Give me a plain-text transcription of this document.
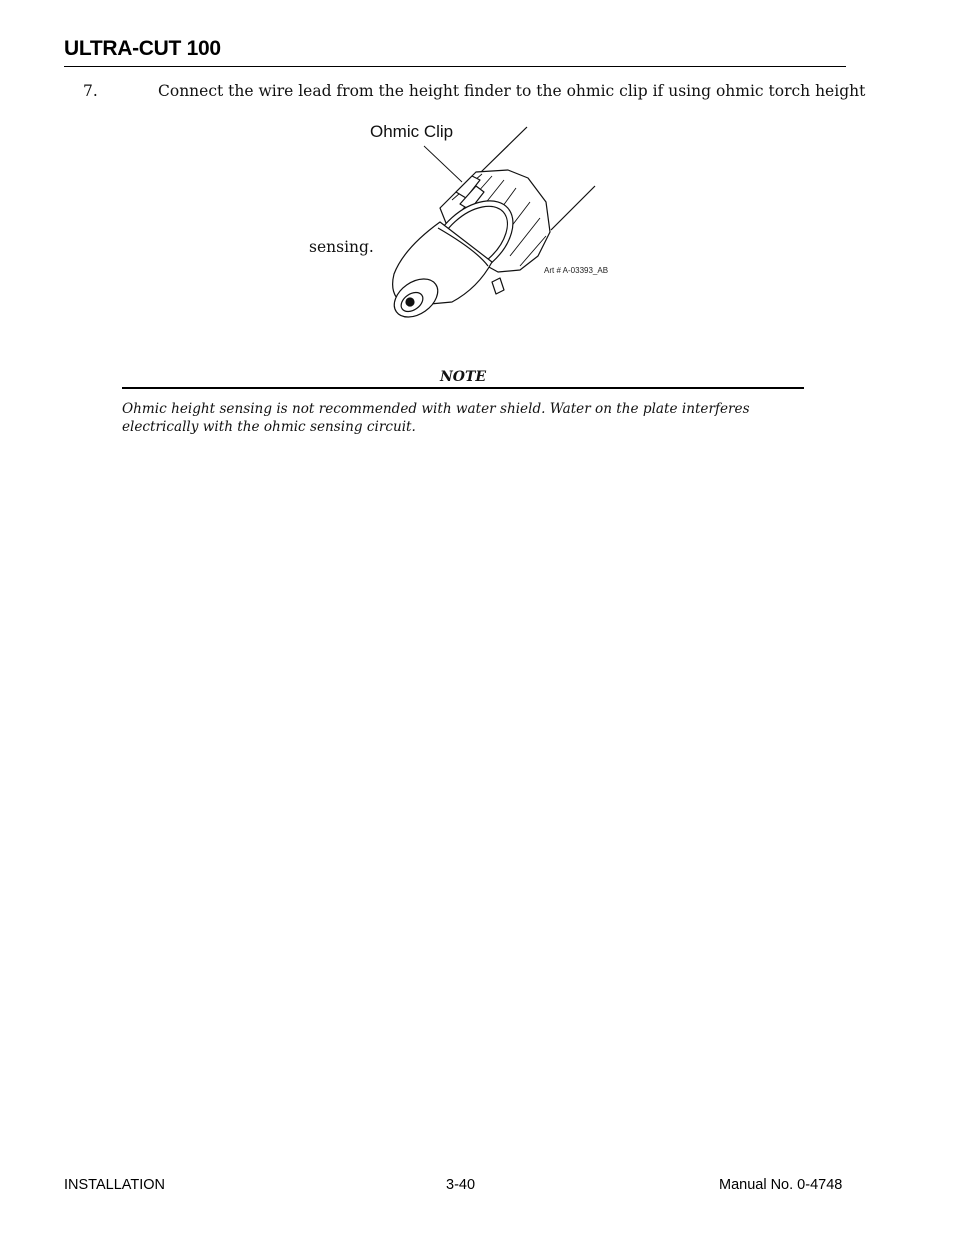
ULTRA-CUT 100
7.	Connect the wire lead from the height finder to the ohmic clip if using ohmic torch height
sensing.
Ohmic Clip
Art # A-03393_AB
NOTE
Ohmic height sensing is not recommended with water shield. Water on the plate interferes electrically with the ohmic sensing circuit.
INSTALLATION	3-40	Manual No. 0-4748
